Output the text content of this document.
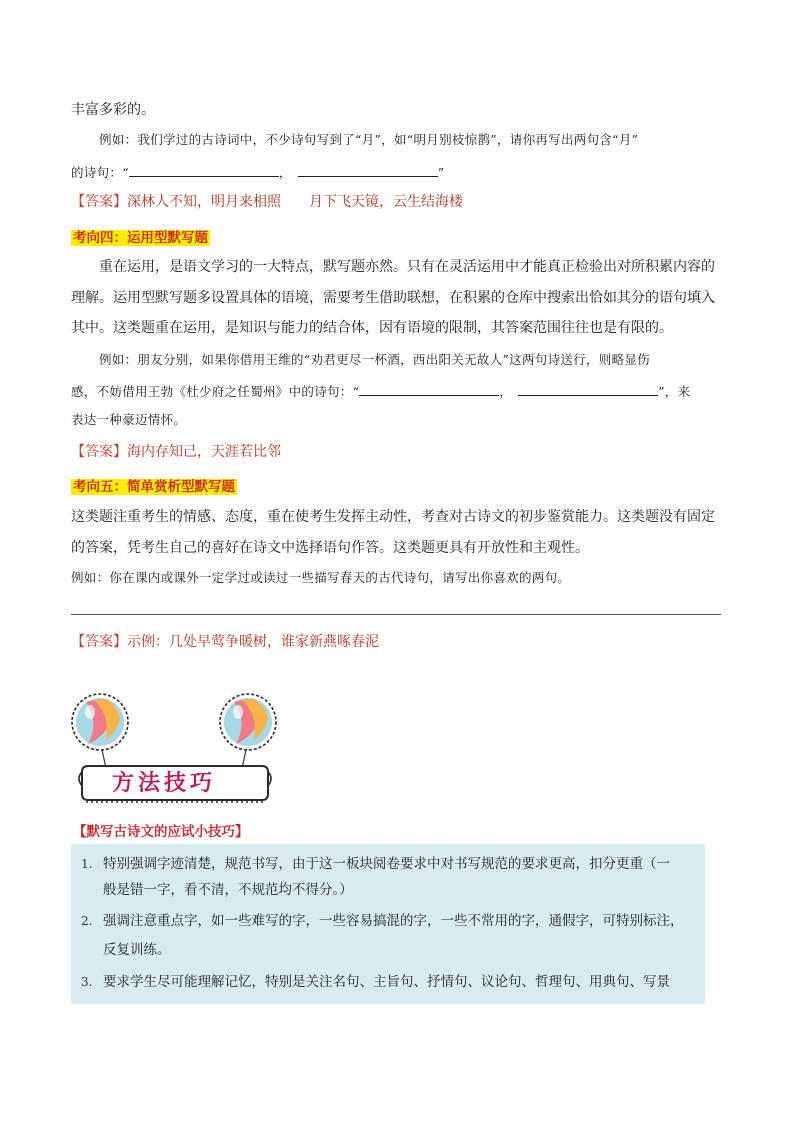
丰富多彩的。
例如：我们学过的古诗词中，不少诗句写到了“月”，如“明月别枝惊鹊”，请你再写出两句含“月”
的诗句：“	，	”
【答案】深林人不知，明月来相照　　月下飞天镜，云生结海楼
考向四：运用型默写题
重在运用，是语文学习的一大特点，默写题亦然。只有在灵活运用中才能真正检验出对所积累内容的
理解。运用型默写题多设置具体的语境，需要考生借助联想，在积累的仓库中搜索出恰如其分的语句填入
其中。这类题重在运用，是知识与能力的结合体，因有语境的限制，其答案范围往往也是有限的。
例如：朋友分别，如果你借用王维的“劝君更尽一杯酒，西出阳关无故人”这两句诗送行，则略显伤
感，不妨借用王勃《杜少府之任蜀州》中的诗句：“	，	”，来
表达一种豪迈情怀。
【答案】海内存知己，天涯若比邻
考向五：简单赏析型默写题
这类题注重考生的情感、态度，重在使考生发挥主动性，考查对古诗文的初步鉴赏能力。这类题没有固定
的答案，凭考生自己的喜好在诗文中选择语句作答。这类题更具有开放性和主观性。
例如：你在课内或课外一定学过或读过一些描写春天的古代诗句，请写出你喜欢的两句。
【答案】示例：几处早莺争暖树，谁家新燕啄春泥
方法技巧
【默写古诗文的应试小技巧】
1. 特别强调字迹清楚，规范书写，由于这一板块阅卷要求中对书写规范的要求更高，扣分更重（一
般是错一字，看不清，不规范均不得分。）
2. 强调注意重点字，如一些难写的字，一些容易搞混的字，一些不常用的字，通假字，可特别标注，
反复训练。
3. 要求学生尽可能理解记忆，特别是关注名句、主旨句、抒情句、议论句、哲理句、用典句、写景
